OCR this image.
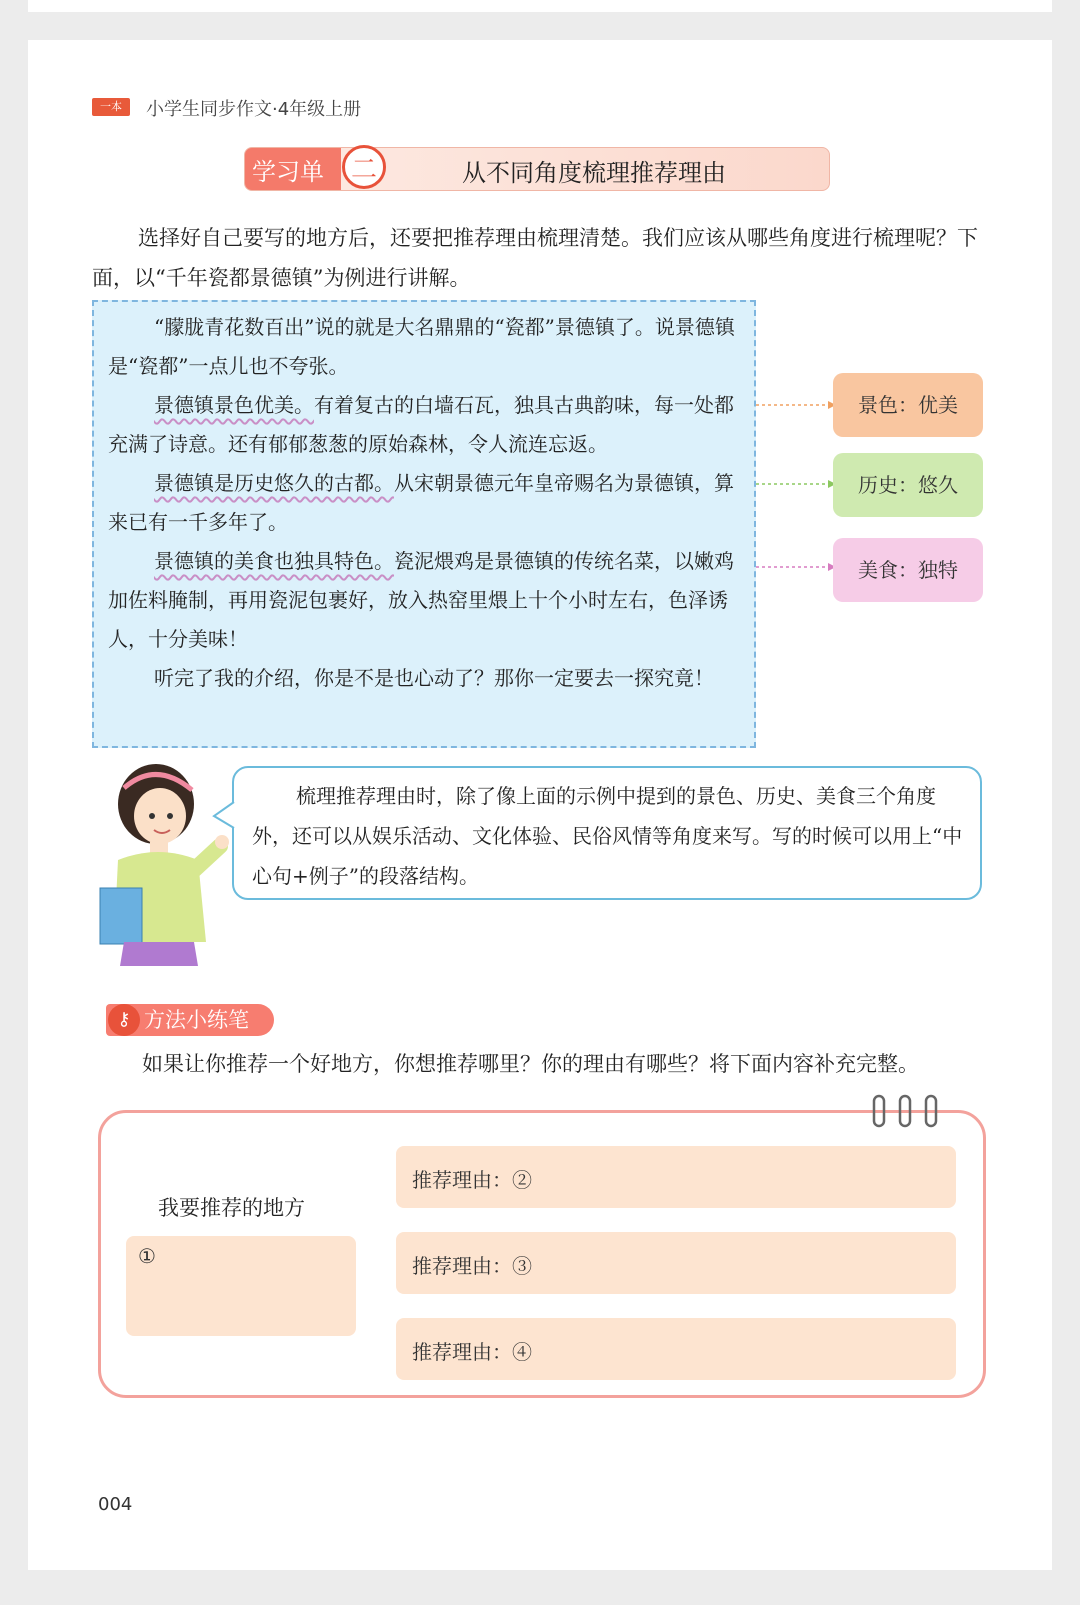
一本	小学生同步作文·4年级上册
学习单	二	从不同角度梳理推荐理由
选择好自己要写的地方后，还要把推荐理由梳理清楚。我们应该从哪些角度进行梳理呢？下面，以“千年瓷都景德镇”为例进行讲解。
“朦胧青花数百出”说的就是大名鼎鼎的“瓷都”景德镇了。说景德镇是“瓷都”一点儿也不夸张。
景德镇景色优美。有着复古的白墙石瓦，独具古典韵味，每一处都充满了诗意。还有郁郁葱葱的原始森林，令人流连忘返。
景德镇是历史悠久的古都。从宋朝景德元年皇帝赐名为景德镇，算来已有一千多年了。
景德镇的美食也独具特色。瓷泥煨鸡是景德镇的传统名菜，以嫩鸡加佐料腌制，再用瓷泥包裹好，放入热窑里煨上十个小时左右，色泽诱人，十分美味！
听完了我的介绍，你是不是也心动了？那你一定要去一探究竟！
景色：优美
历史：悠久
美食：独特
梳理推荐理由时，除了像上面的示例中提到的景色、历史、美食三个角度外，还可以从娱乐活动、文化体验、民俗风情等角度来写。写的时候可以用上“中心句+例子”的段落结构。
方法小练笔
⚷
如果让你推荐一个好地方，你想推荐哪里？你的理由有哪些？将下面内容补充完整。
我要推荐的地方
①
推荐理由：②
推荐理由：③
推荐理由：④
004
